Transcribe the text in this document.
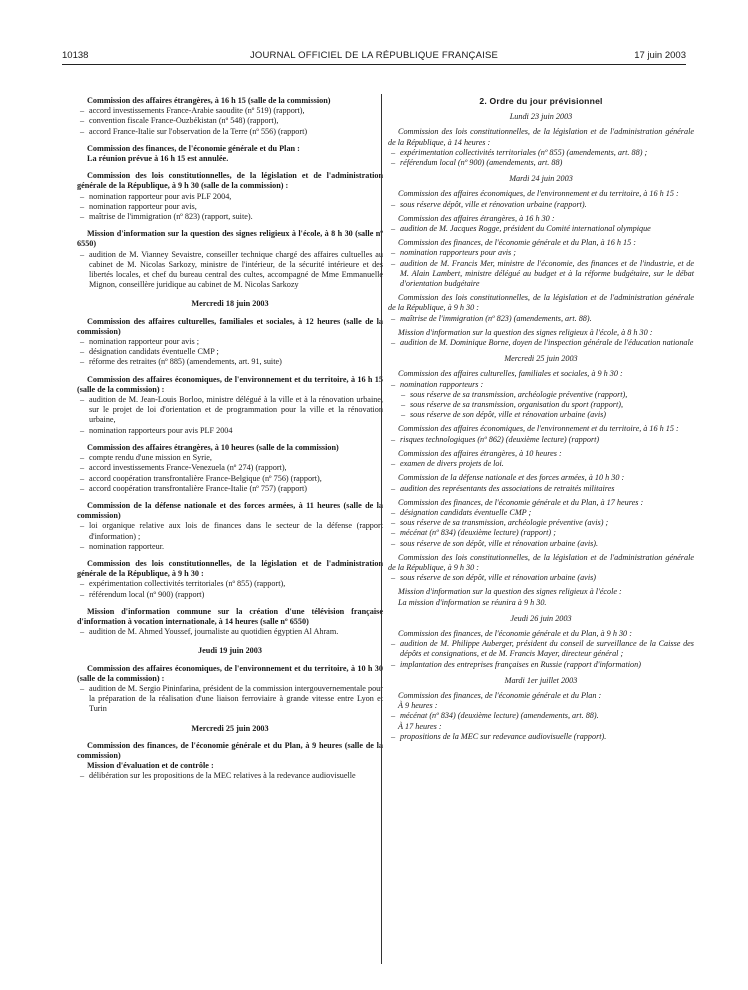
10138	JOURNAL OFFICIEL DE LA RÉPUBLIQUE FRANÇAISE	17 juin 2003

Commission des affaires étrangères, à 16 h 15 (salle de la commission)

– accord investissements France-Arabie saoudite (nº 519) (rapport),
– convention fiscale France-Ouzbékistan (nº 548) (rapport),
– accord France-Italie sur l'observation de la Terre (nº 556) (rapport)

Commission des finances, de l'économie générale et du Plan :

La réunion prévue à 16 h 15 est annulée.

Commission des lois constitutionnelles, de la législation et de l'administration générale de la République, à 9 h 30 (salle de la commission) :

– nomination rapporteur pour avis PLF 2004,
– nomination rapporteur pour avis,
– maîtrise de l'immigration (nº 823) (rapport, suite).

Mission d'information sur la question des signes religieux à l'école, à 8 h 30 (salle nº 6550)

– audition de M. Vianney Sevaistre, conseiller technique chargé des affaires cultuelles au cabinet de M. Nicolas Sarkozy, ministre de l'intérieur, de la sécurité intérieure et des libertés locales, et chef du bureau central des cultes, accompagné de Mme Emmanuelle Mignon, conseillère juridique au cabinet de M. Nicolas Sarkozy
Mercredi 18 juin 2003

Commission des affaires culturelles, familiales et sociales, à 12 heures (salle de la commission)

– nomination rapporteur pour avis ;
– désignation candidats éventuelle CMP ;
– réforme des retraites (nº 885) (amendements, art. 91, suite)

Commission des affaires économiques, de l'environnement et du territoire, à 16 h 15 (salle de la commission) :

– audition de M. Jean-Louis Borloo, ministre délégué à la ville et à la rénovation urbaine, sur le projet de loi d'orientation et de programmation pour la ville et la rénovation urbaine,
– nomination rapporteurs pour avis PLF 2004

Commission des affaires étrangères, à 10 heures (salle de la commission)

– compte rendu d'une mission en Syrie,
– accord investissements France-Venezuela (nº 274) (rapport),
– accord coopération transfrontalière France-Belgique (nº 756) (rapport),
– accord coopération transfrontalière France-Italie (nº 757) (rapport)

Commission de la défense nationale et des forces armées, à 11 heures (salle de la commission)

– loi organique relative aux lois de finances dans le secteur de la défense (rapport d'information) ;
– nomination rapporteur.

Commission des lois constitutionnelles, de la législation et de l'administration générale de la République, à 9 h 30 :

– expérimentation collectivités territoriales (nº 855) (rapport),
– référendum local (nº 900) (rapport)

Mission d'information commune sur la création d'une télévision française d'information à vocation internationale, à 14 heures (salle nº 6550)

– audition de M. Ahmed Youssef, journaliste au quotidien égyptien Al Ahram.
Jeudi 19 juin 2003

Commission des affaires économiques, de l'environnement et du territoire, à 10 h 30 (salle de la commission) :

– audition de M. Sergio Pininfarina, président de la commission intergouvernementale pour la préparation de la réalisation d'une liaison ferroviaire à grande vitesse entre Lyon et Turin
Mercredi 25 juin 2003

Commission des finances, de l'économie générale et du Plan, à 9 heures (salle de la commission)

Mission d'évaluation et de contrôle :

– délibération sur les propositions de la MEC relatives à la redevance audiovisuelle
2. Ordre du jour prévisionnel
Lundi 23 juin 2003

Commission des lois constitutionnelles, de la législation et de l'administration générale de la République, à 14 heures :

– expérimentation collectivités territoriales (nº 855) (amendements, art. 88) ;
– référendum local (nº 900) (amendements, art. 88)
Mardi 24 juin 2003

Commission des affaires économiques, de l'environnement et du territoire, à 16 h 15 :

– sous réserve dépôt, ville et rénovation urbaine (rapport).

Commission des affaires étrangères, à 16 h 30 :

– audition de M. Jacques Rogge, président du Comité international olympique

Commission des finances, de l'économie générale et du Plan, à 16 h 15 :

– nomination rapporteurs pour avis ;
– audition de M. Francis Mer, ministre de l'économie, des finances et de l'industrie, et de M. Alain Lambert, ministre délégué au budget et à la réforme budgétaire, sur le débat d'orientation budgétaire

Commission des lois constitutionnelles, de la législation et de l'administration générale de la République, à 9 h 30 :

– maîtrise de l'immigration (nº 823) (amendements, art. 88).

Mission d'information sur la question des signes religieux à l'école, à 8 h 30 :

– audition de M. Dominique Borne, doyen de l'inspection générale de l'éducation nationale
Mercredi 25 juin 2003

Commission des affaires culturelles, familiales et sociales, à 9 h 30 :

– nomination rapporteurs :
– sous réserve de sa transmission, archéologie préventive (rapport),
– sous réserve de sa transmission, organisation du sport (rapport),
– sous réserve de son dépôt, ville et rénovation urbaine (avis)

Commission des affaires économiques, de l'environnement et du territoire, à 16 h 15 :

– risques technologiques (nº 862) (deuxième lecture) (rapport)

Commission des affaires étrangères, à 10 heures :

– examen de divers projets de loi.

Commission de la défense nationale et des forces armées, à 10 h 30 :

– audition des représentants des associations de retraités militaires

Commission des finances, de l'économie générale et du Plan, à 17 heures :

– désignation candidats éventuelle CMP ;
– sous réserve de sa transmission, archéologie préventive (avis) ;
– mécénat (nº 834) (deuxième lecture) (rapport) ;
– sous réserve de son dépôt, ville et rénovation urbaine (avis).

Commission des lois constitutionnelles, de la législation et de l'administration générale de la République, à 9 h 30 :

– sous réserve de son dépôt, ville et rénovation urbaine (avis)

Mission d'information sur la question des signes religieux à l'école :

La mission d'information se réunira à 9 h 30.

Jeudi 26 juin 2003

Commission des finances, de l'économie générale et du Plan, à 9 h 30 :

– audition de M. Philippe Auberger, président du conseil de surveillance de la Caisse des dépôts et consignations, et de M. Francis Mayer, directeur général ;
– implantation des entreprises françaises en Russie (rapport d'information)
Mardi 1er juillet 2003

Commission des finances, de l'économie générale et du Plan :

À 9 heures :

– mécénat (nº 834) (deuxième lecture) (amendements, art. 88).

À 17 heures :

– propositions de la MEC sur redevance audiovisuelle (rapport).
